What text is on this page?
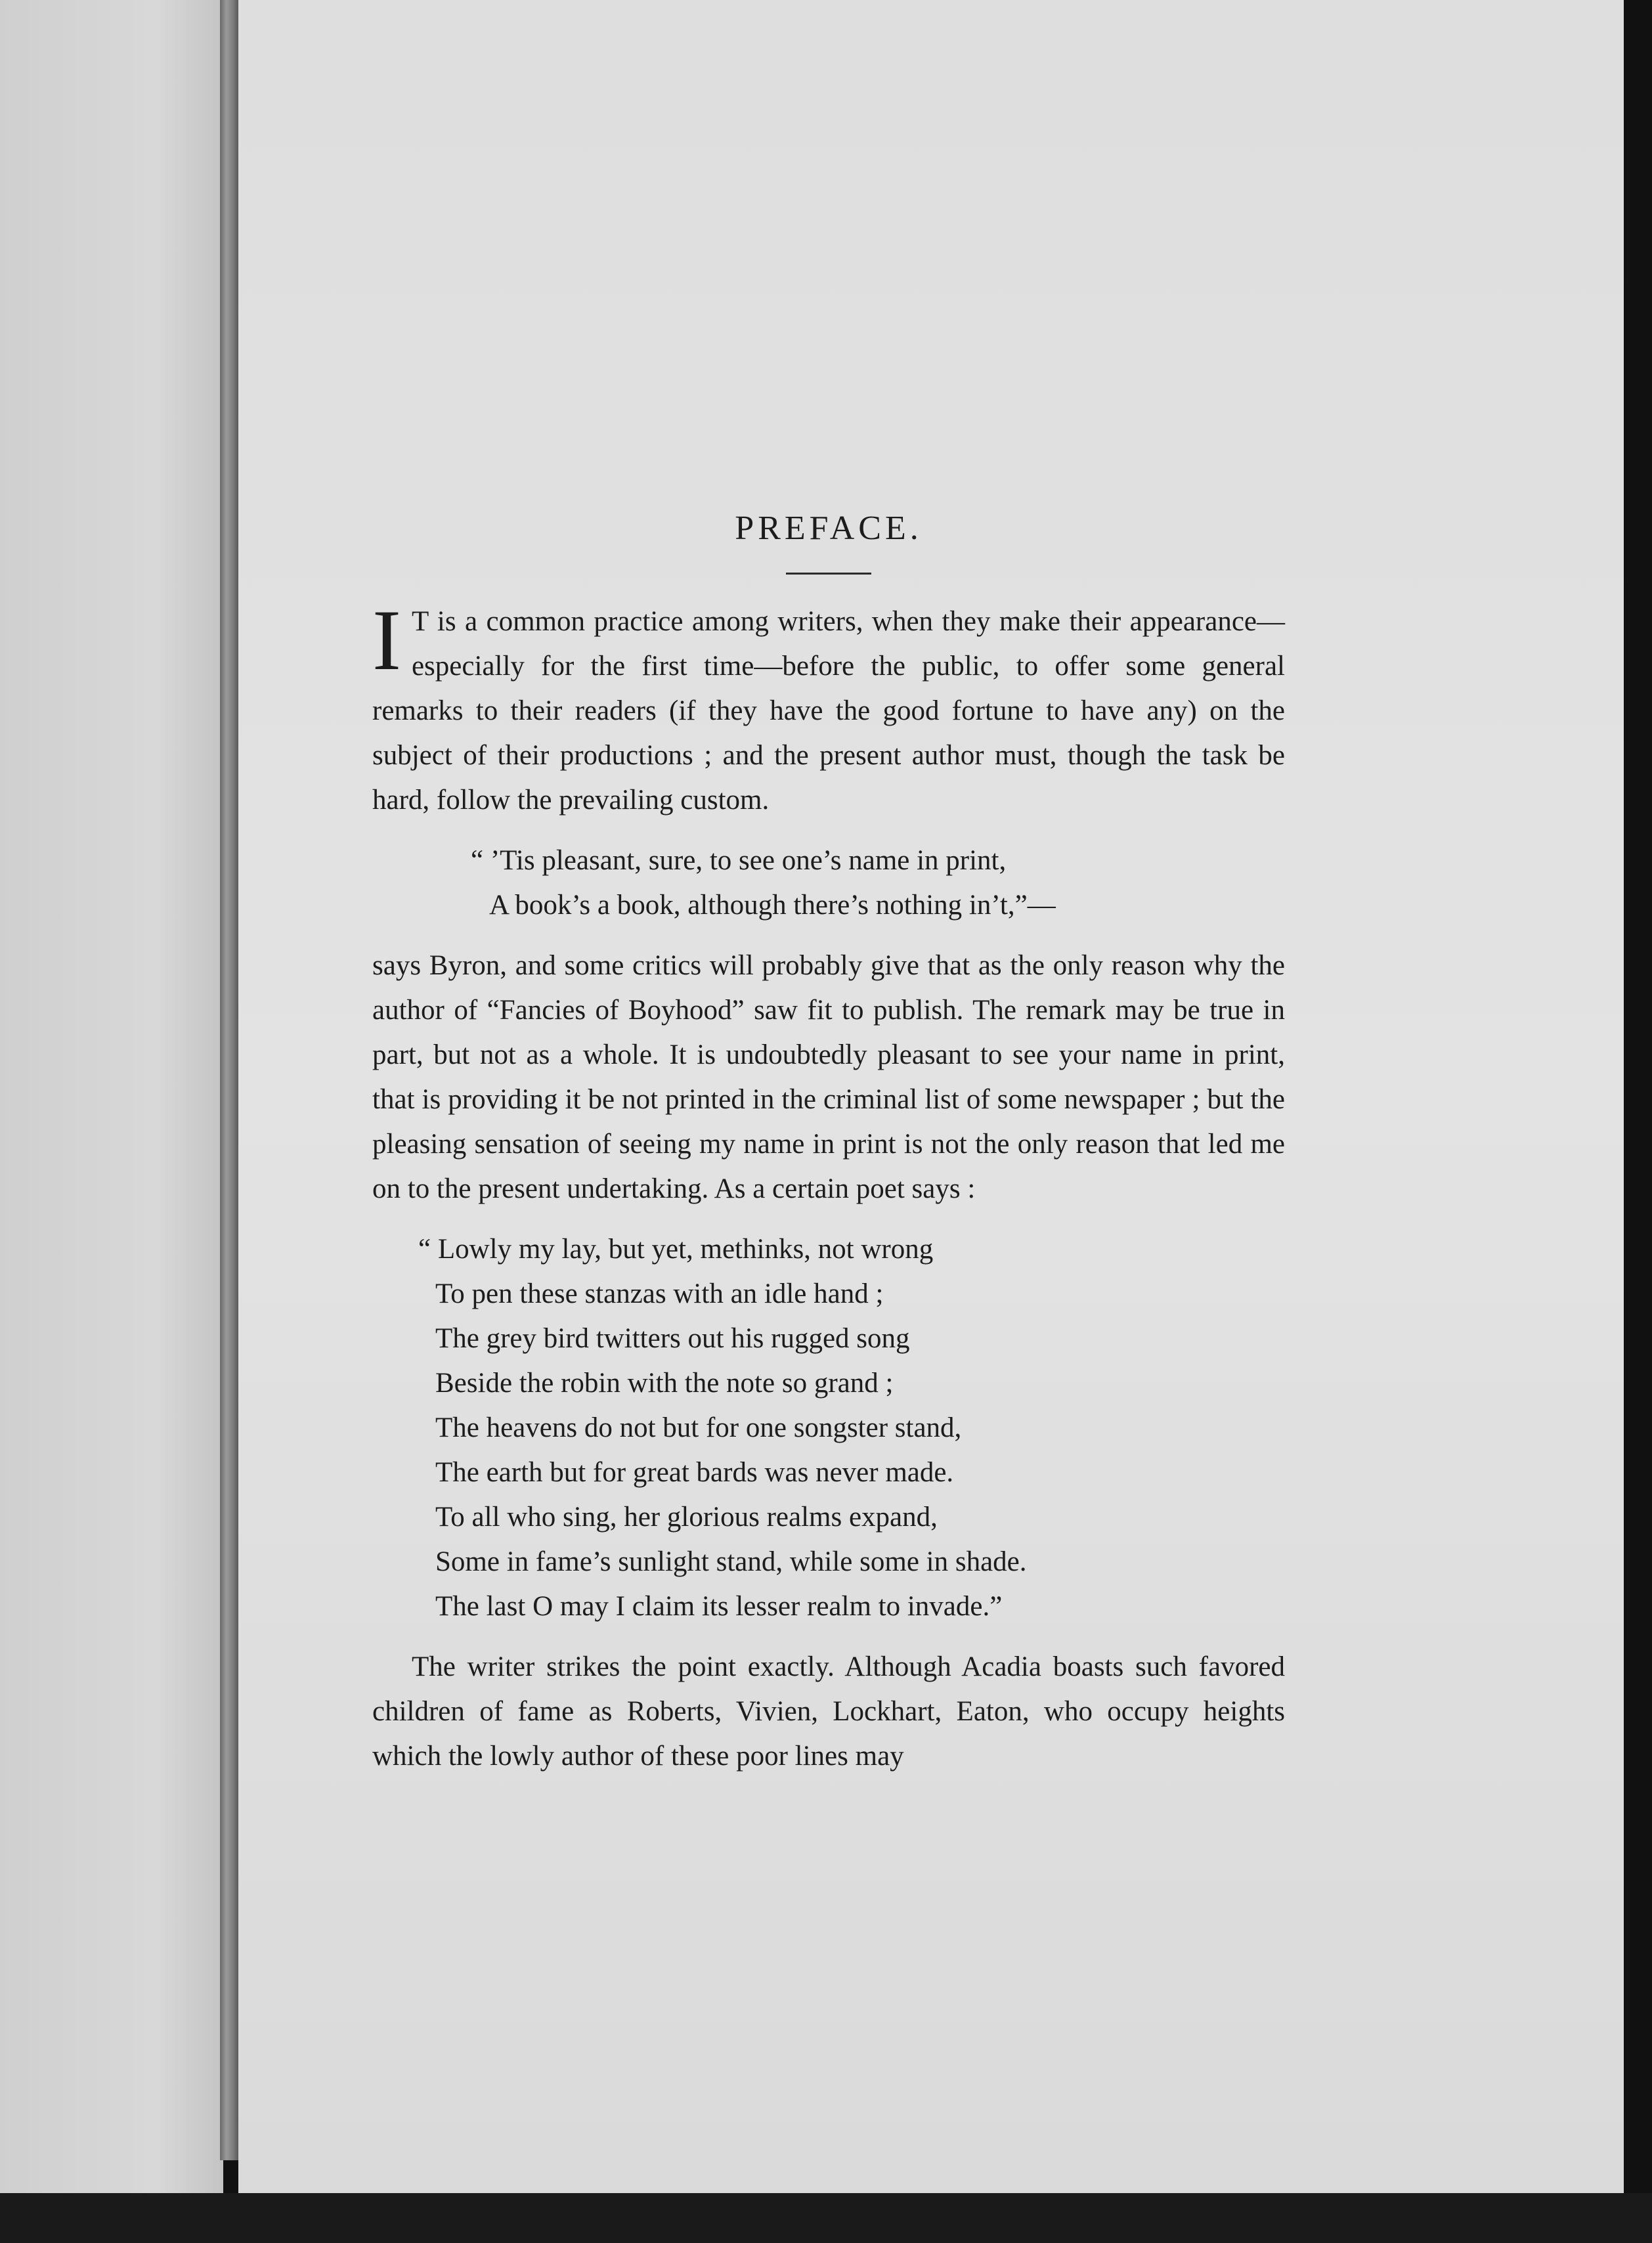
PREFACE.

IT is a common practice among writers, when they make their appearance—especially for the first time—before the public, to offer some general remarks to their readers (if they have the good fortune to have any) on the subject of their productions ; and the present author must, though the task be hard, follow the prevailing custom.

“ ’Tis pleasant, sure, to see one’s name in print,
A book’s a book, although there’s nothing in’t,”—

says Byron, and some critics will probably give that as the only reason why the author of “Fancies of Boyhood” saw fit to publish. The remark may be true in part, but not as a whole. It is undoubtedly pleasant to see your name in print, that is providing it be not printed in the criminal list of some newspaper ; but the pleasing sensation of seeing my name in print is not the only reason that led me on to the present undertaking. As a certain poet says :

“ Lowly my lay, but yet, methinks, not wrong
To pen these stanzas with an idle hand ;
The grey bird twitters out his rugged song
Beside the robin with the note so grand ;
The heavens do not but for one songster stand,
The earth but for great bards was never made.
To all who sing, her glorious realms expand,
Some in fame’s sunlight stand, while some in shade.
The last O may I claim its lesser realm to invade.”

The writer strikes the point exactly. Although Acadia boasts such favored children of fame as Roberts, Vivien, Lockhart, Eaton, who occupy heights which the lowly author of these poor lines may
